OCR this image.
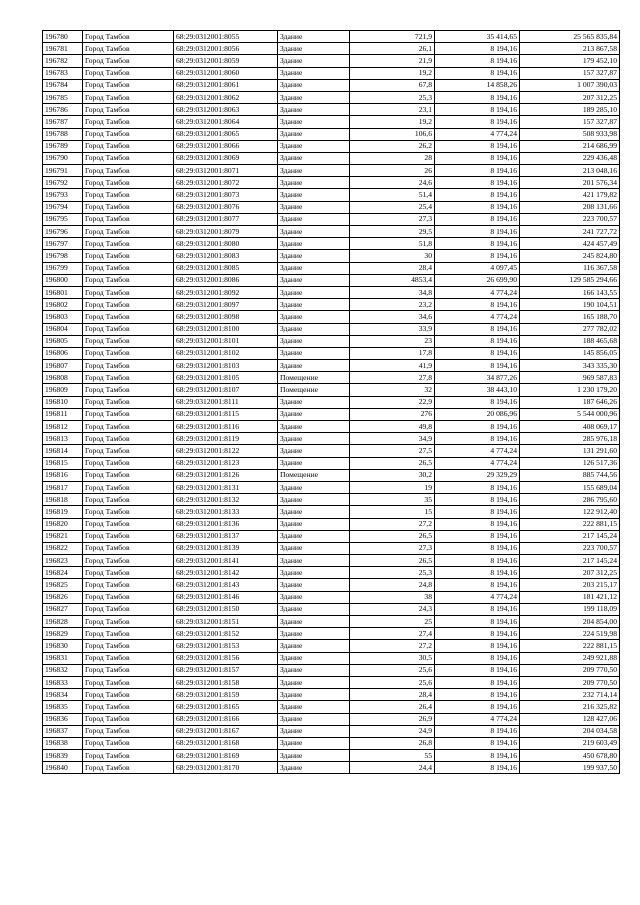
196780	Город Тамбов	68:29:0312001:8055	Здание	721,9	35 414,65	25 565 835,84
196781	Город Тамбов	68:29:0312001:8056	Здание	26,1	8 194,16	213 867,58
196782	Город Тамбов	68:29:0312001:8059	Здание	21,9	8 194,16	179 452,10
196783	Город Тамбов	68:29:0312001:8060	Здание	19,2	8 194,16	157 327,87
196784	Город Тамбов	68:29:0312001:8061	Здание	67,8	14 858,26	1 007 390,03
196785	Город Тамбов	68:29:0312001:8062	Здание	25,3	8 194,16	207 312,25
196786	Город Тамбов	68:29:0312001:8063	Здание	23,1	8 194,16	189 285,10
196787	Город Тамбов	68:29:0312001:8064	Здание	19,2	8 194,16	157 327,87
196788	Город Тамбов	68:29:0312001:8065	Здание	106,6	4 774,24	508 933,98
196789	Город Тамбов	68:29:0312001:8066	Здание	26,2	8 194,16	214 686,99
196790	Город Тамбов	68:29:0312001:8069	Здание	28	8 194,16	229 436,48
196791	Город Тамбов	68:29:0312001:8071	Здание	26	8 194,16	213 048,16
196792	Город Тамбов	68:29:0312001:8072	Здание	24,6	8 194,16	201 576,34
196793	Город Тамбов	68:29:0312001:8073	Здание	51,4	8 194,16	421 179,82
196794	Город Тамбов	68:29:0312001:8076	Здание	25,4	8 194,16	208 131,66
196795	Город Тамбов	68:29:0312001:8077	Здание	27,3	8 194,16	223 700,57
196796	Город Тамбов	68:29:0312001:8079	Здание	29,5	8 194,16	241 727,72
196797	Город Тамбов	68:29:0312001:8080	Здание	51,8	8 194,16	424 457,49
196798	Город Тамбов	68:29:0312001:8083	Здание	30	8 194,16	245 824,80
196799	Город Тамбов	68:29:0312001:8085	Здание	28,4	4 097,45	116 367,58
196800	Город Тамбов	68:29:0312001:8086	Здание	4853,4	26 699,90	129 585 294,66
196801	Город Тамбов	68:29:0312001:8092	Здание	34,8	4 774,24	166 143,55
196802	Город Тамбов	68:29:0312001:8097	Здание	23,2	8 194,16	190 104,51
196803	Город Тамбов	68:29:0312001:8098	Здание	34,6	4 774,24	165 188,70
196804	Город Тамбов	68:29:0312001:8100	Здание	33,9	8 194,16	277 782,02
196805	Город Тамбов	68:29:0312001:8101	Здание	23	8 194,16	188 465,68
196806	Город Тамбов	68:29:0312001:8102	Здание	17,8	8 194,16	145 856,05
196807	Город Тамбов	68:29:0312001:8103	Здание	41,9	8 194,16	343 335,30
196808	Город Тамбов	68:29:0312001:8105	Помещение	27,8	34 877,26	969 587,83
196809	Город Тамбов	68:29:0312001:8107	Помещение	32	38 443,10	1 230 179,20
196810	Город Тамбов	68:29:0312001:8111	Здание	22,9	8 194,16	187 646,26
196811	Город Тамбов	68:29:0312001:8115	Здание	276	20 086,96	5 544 000,96
196812	Город Тамбов	68:29:0312001:8116	Здание	49,8	8 194,16	408 069,17
196813	Город Тамбов	68:29:0312001:8119	Здание	34,9	8 194,16	285 976,18
196814	Город Тамбов	68:29:0312001:8122	Здание	27,5	4 774,24	131 291,60
196815	Город Тамбов	68:29:0312001:8123	Здание	26,5	4 774,24	126 517,36
196816	Город Тамбов	68:29:0312001:8126	Помещение	30,2	29 329,29	885 744,56
196817	Город Тамбов	68:29:0312001:8131	Здание	19	8 194,16	155 689,04
196818	Город Тамбов	68:29:0312001:8132	Здание	35	8 194,16	286 795,60
196819	Город Тамбов	68:29:0312001:8133	Здание	15	8 194,16	122 912,40
196820	Город Тамбов	68:29:0312001:8136	Здание	27,2	8 194,16	222 881,15
196821	Город Тамбов	68:29:0312001:8137	Здание	26,5	8 194,16	217 145,24
196822	Город Тамбов	68:29:0312001:8139	Здание	27,3	8 194,16	223 700,57
196823	Город Тамбов	68:29:0312001:8141	Здание	26,5	8 194,16	217 145,24
196824	Город Тамбов	68:29:0312001:8142	Здание	25,3	8 194,16	207 312,25
196825	Город Тамбов	68:29:0312001:8143	Здание	24,8	8 194,16	203 215,17
196826	Город Тамбов	68:29:0312001:8146	Здание	38	4 774,24	181 421,12
196827	Город Тамбов	68:29:0312001:8150	Здание	24,3	8 194,16	199 118,09
196828	Город Тамбов	68:29:0312001:8151	Здание	25	8 194,16	204 854,00
196829	Город Тамбов	68:29:0312001:8152	Здание	27,4	8 194,16	224 519,98
196830	Город Тамбов	68:29:0312001:8153	Здание	27,2	8 194,16	222 881,15
196831	Город Тамбов	68:29:0312001:8156	Здание	30,5	8 194,16	249 921,88
196832	Город Тамбов	68:29:0312001:8157	Здание	25,6	8 194,16	209 770,50
196833	Город Тамбов	68:29:0312001:8158	Здание	25,6	8 194,16	209 770,50
196834	Город Тамбов	68:29:0312001:8159	Здание	28,4	8 194,16	232 714,14
196835	Город Тамбов	68:29:0312001:8165	Здание	26,4	8 194,16	216 325,82
196836	Город Тамбов	68:29:0312001:8166	Здание	26,9	4 774,24	128 427,06
196837	Город Тамбов	68:29:0312001:8167	Здание	24,9	8 194,16	204 034,58
196838	Город Тамбов	68:29:0312001:8168	Здание	26,8	8 194,16	219 603,49
196839	Город Тамбов	68:29:0312001:8169	Здание	55	8 194,16	450 678,80
196840	Город Тамбов	68:29:0312001:8170	Здание	24,4	8 194,16	199 937,50
